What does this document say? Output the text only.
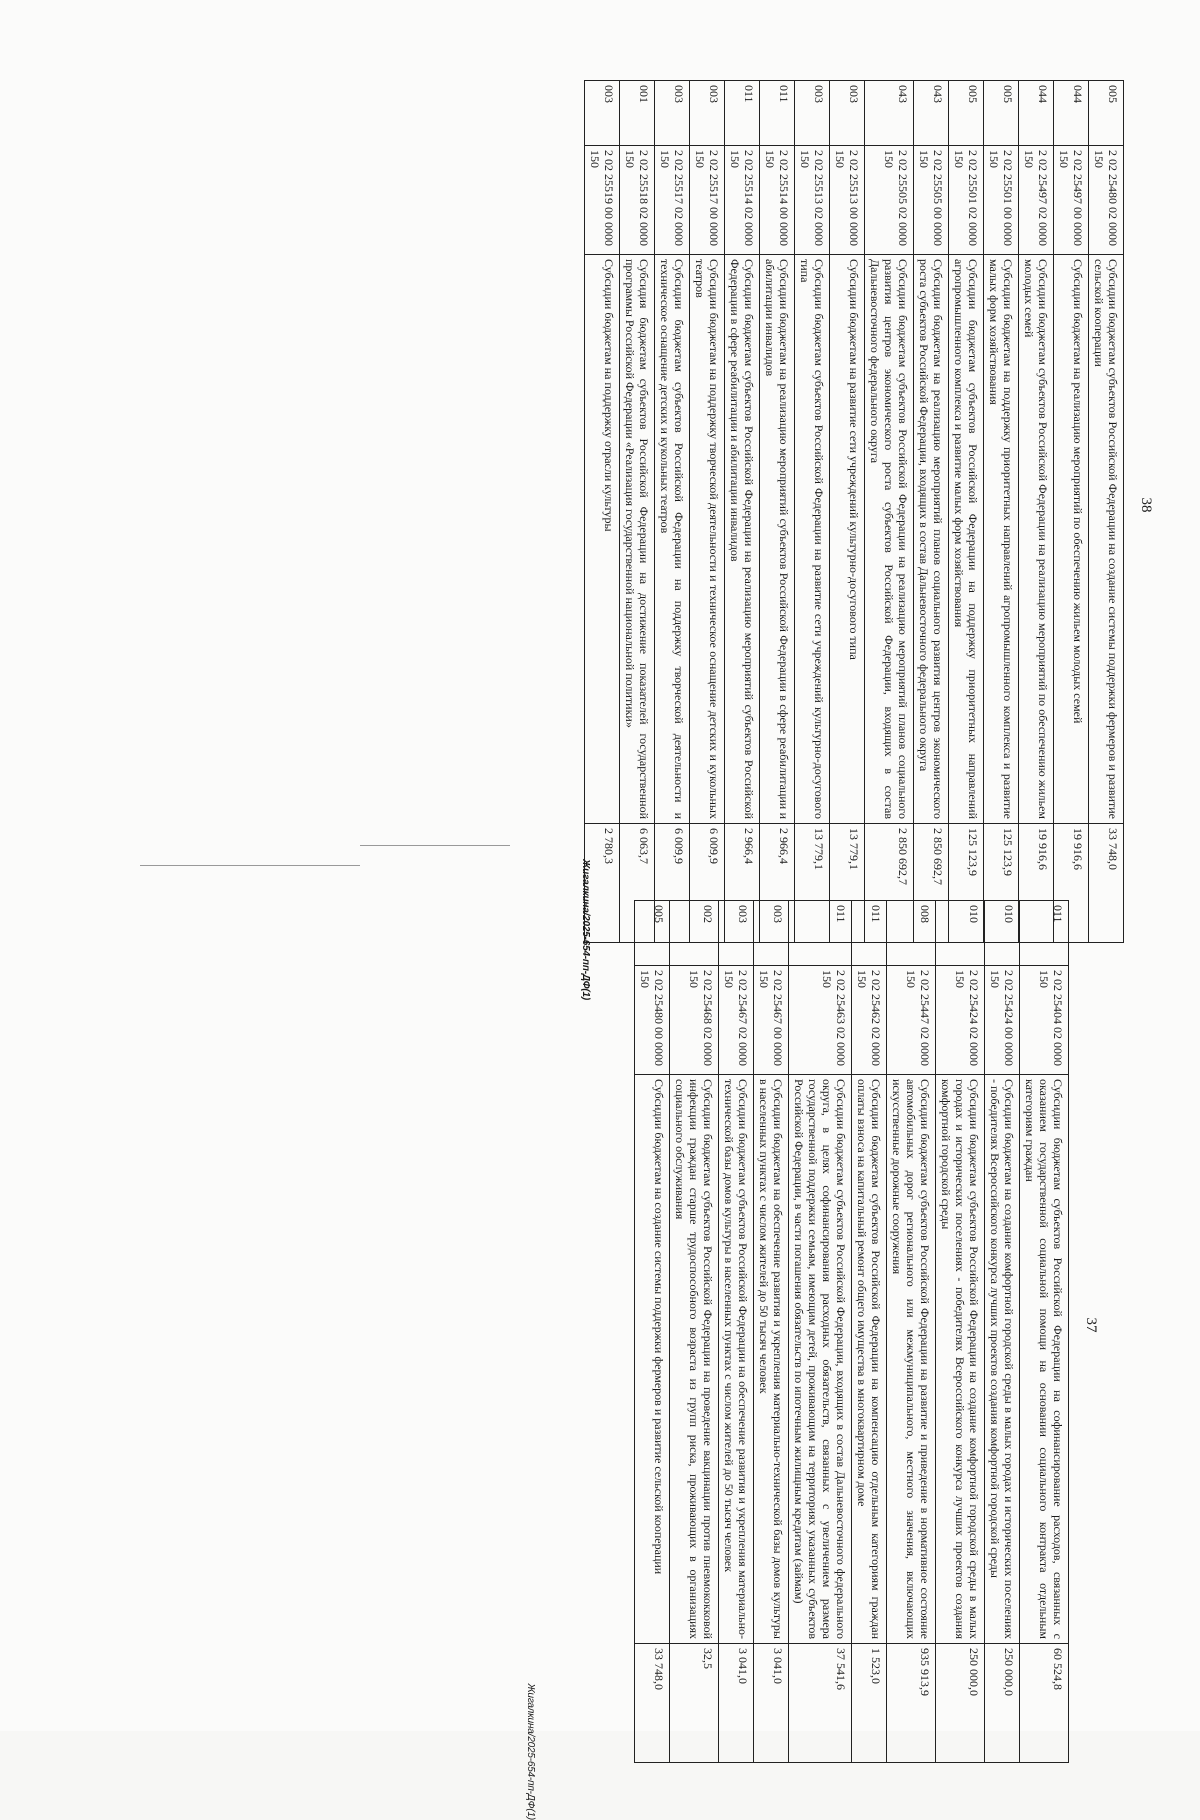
38
005	2 02 25480 02 0000 150	Субсидии бюджетам субъектов Российской Федерации на создание системы поддержки фермеров и развитие сельской кооперации	33 748,0
044	2 02 25497 00 0000 150	Субсидии бюджетам на реализацию мероприятий по обеспечению жильем молодых семей	19 916,6
044	2 02 25497 02 0000 150	Субсидии бюджетам субъектов Российской Федерации на реализацию мероприятий по обеспечению жильем молодых семей	19 916,6
005	2 02 25501 00 0000 150	Субсидии бюджетам на поддержку приоритетных направлений агропромышленного комплекса и развитие малых форм хозяйствования	125 123,9
005	2 02 25501 02 0000 150	Субсидии бюджетам субъектов Российской Федерации на поддержку приоритетных направлений агропромышленного комплекса и развитие малых форм хозяйствования	125 123,9
043	2 02 25505 00 0000 150	Субсидии бюджетам на реализацию мероприятий планов социального развития центров экономического роста субъектов Российской Федерации, входящих в состав Дальневосточного федерального округа	2 850 692,7
043	2 02 25505 02 0000 150	Субсидии бюджетам субъектов Российской Федерации на реализацию мероприятий планов социального развития центров экономического роста субъектов Российской Федерации, входящих в состав Дальневосточного федерального округа	2 850 692,7
003	2 02 25513 00 0000 150	Субсидии бюджетам на развитие сети учреждений культурно-досугового типа	13 779,1
003	2 02 25513 02 0000 150	Субсидии бюджетам субъектов Российской Федерации на развитие сети учреждений культурно-досугового типа	13 779,1
011	2 02 25514 00 0000 150	Субсидии бюджетам на реализацию мероприятий субъектов Российской Федерации в сфере реабилитации и абилитации инвалидов	2 966,4
011	2 02 25514 02 0000 150	Субсидии бюджетам субъектов Российской Федерации на реализацию мероприятий субъектов Российской Федерации в сфере реабилитации и абилитации инвалидов	2 966,4
003	2 02 25517 00 0000 150	Субсидии бюджетам на поддержку творческой деятельности и техническое оснащение детских и кукольных театров	6 009,9
003	2 02 25517 02 0000 150	Субсидии бюджетам субъектов Российской Федерации на поддержку творческой деятельности и техническое оснащение детских и кукольных театров	6 009,9
001	2 02 25518 02 0000 150	Субсидия бюджетам субъектов Российской Федерации на достижение показателей государственной программы Российской Федерации «Реализация государственной национальной политики»	6 063,7
003	2 02 25519 00 0000 150	Субсидии бюджетам на поддержку отрасли культуры	2 780,3
Жигалкина/2025-654-пп-ДФ(1)
37
011	2 02 25404 02 0000 150	Субсидии бюджетам субъектов Российской Федерации на софинансирование расходов, связанных с оказанием государственной социальной помощи на основании социального контракта отдельным категориям граждан	60 524,8
010	2 02 25424 00 0000 150	Субсидии бюджетам на создание комфортной городской среды в малых городах и исторических поселениях - победителях Всероссийского конкурса лучших проектов создания комфортной городской среды	250 000,0
010	2 02 25424 02 0000 150	Субсидии бюджетам субъектов Российской Федерации на создание комфортной городской среды в малых городах и исторических поселениях - победителях Всероссийского конкурса лучших проектов создания комфортной городской среды	250 000,0
008	2 02 25447 02 0000 150	Субсидии бюджетам субъектов Российской Федерации на развитие и приведение в нормативное состояние автомобильных дорог регионального или межмуниципального, местного значения, включающих искусственные дорожные сооружения	935 913,9
011	2 02 25462 02 0000 150	Субсидии бюджетам субъектов Российской Федерации на компенсацию отдельным категориям граждан оплаты взноса на капитальный ремонт общего имущества в многоквартирном доме	1 523,0
011	2 02 25463 02 0000 150	Субсидии бюджетам субъектов Российской Федерации, входящих в состав Дальневосточного федерального округа, в целях софинансирования расходных обязательств, связанных с увеличением размера государственной поддержки семьям, имеющим детей, проживающим на территориях указанных субъектов Российской Федерации, в части погашения обязательств по ипотечным жилищным кредитам (займам)	37 541,6
003	2 02 25467 00 0000 150	Субсидии бюджетам на обеспечение развития и укрепления материально-технической базы домов культуры в населенных пунктах с числом жителей до 50 тысяч человек	3 041,0
003	2 02 25467 02 0000 150	Субсидии бюджетам субъектов Российской Федерации на обеспечение развития и укрепления материально-технической базы домов культуры в населенных пунктах с числом жителей до 50 тысяч человек	3 041,0
002	2 02 25468 02 0000 150	Субсидии бюджетам субъектов Российской Федерации на проведение вакцинации против пневмококковой инфекции граждан старше трудоспособного возраста из групп риска, проживающих в организациях социального обслуживания	32,5
005	2 02 25480 00 0000 150	Субсидии бюджетам на создание системы поддержки фермеров и развитие сельской кооперации	33 748,0
Жигалкина/2025-654-пп-ДФ(1)
